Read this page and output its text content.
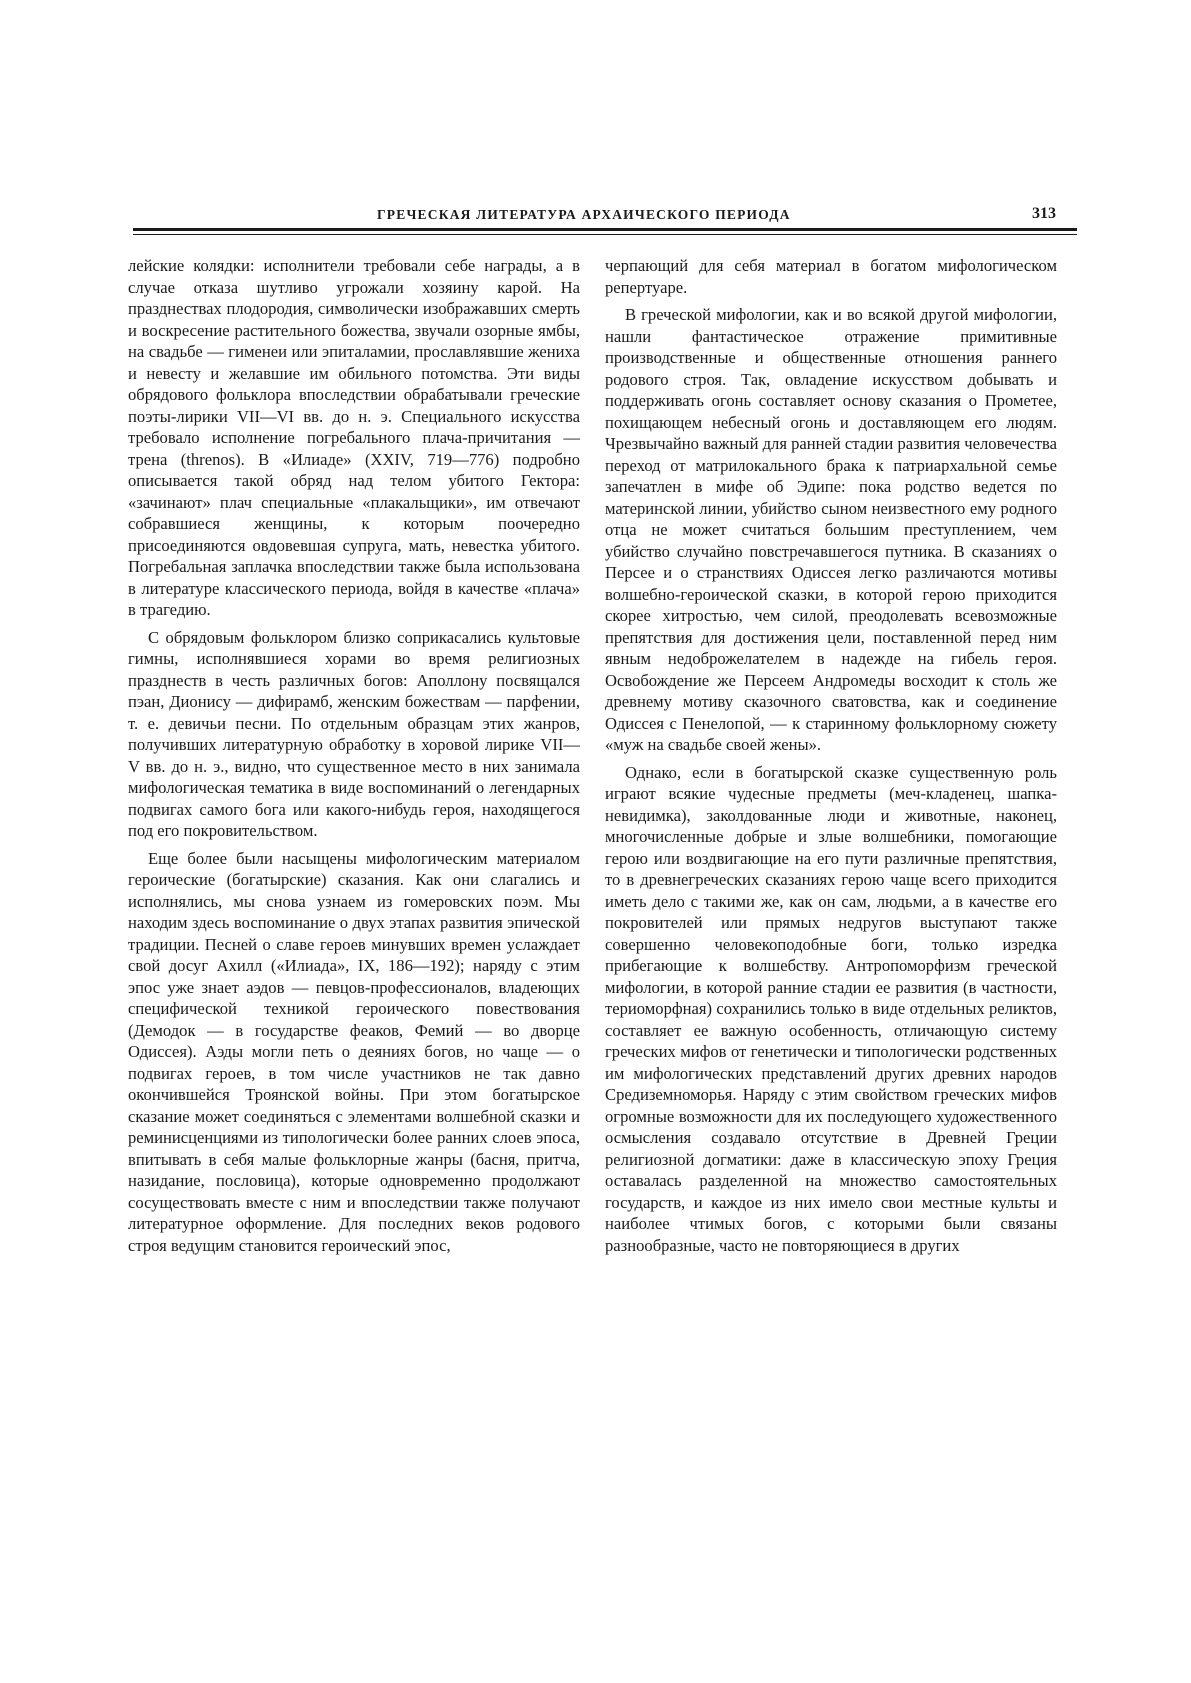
ГРЕЧЕСКАЯ ЛИТЕРАТУРА АРХАИЧЕСКОГО ПЕРИОДА	313

лейские колядки: исполнители требовали себе награды, а в случае отказа шутливо угрожали хозяину карой. На празднествах плодородия, символически изображавших смерть и воскресение растительного божества, звучали озорные ямбы, на свадьбе — гименеи или эпиталамии, прославлявшие жениха и невесту и желавшие им обильного потомства. Эти виды обрядового фольклора впоследствии обрабатывали греческие поэты-лирики VII—VI вв. до н. э. Специального искусства требовало исполнение погребального плача-причитания — трена (threnos). В «Илиаде» (XXIV, 719—776) подробно описывается такой обряд над телом убитого Гектора: «зачинают» плач специальные «плакальщики», им отвечают собравшиеся женщины, к которым поочередно присоединяются овдовевшая супруга, мать, невестка убитого. Погребальная заплачка впоследствии также была использована в литературе классического периода, войдя в качестве «плача» в трагедию.

С обрядовым фольклором близко соприкасались культовые гимны, исполнявшиеся хорами во время религиозных празднеств в честь различных богов: Аполлону посвящался пэан, Дионису — дифирамб, женским божествам — парфении, т. е. девичьи песни. По отдельным образцам этих жанров, получивших литературную обработку в хоровой лирике VII—V вв. до н. э., видно, что существенное место в них занимала мифологическая тематика в виде воспоминаний о легендарных подвигах самого бога или какого-нибудь героя, находящегося под его покровительством.

Еще более были насыщены мифологическим материалом героические (богатырские) сказания. Как они слагались и исполнялись, мы снова узнаем из гомеровских поэм. Мы находим здесь воспоминание о двух этапах развития эпической традиции. Песней о славе героев минувших времен услаждает свой досуг Ахилл («Илиада», IX, 186—192); наряду с этим эпос уже знает аэдов — певцов-профессионалов, владеющих специфической техникой героического повествования (Демодок — в государстве феаков, Фемий — во дворце Одиссея). Аэды могли петь о деяниях богов, но чаще — о подвигах героев, в том числе участников не так давно окончившейся Троянской войны. При этом богатырское сказание может соединяться с элементами волшебной сказки и реминисценциями из типологически более ранних слоев эпоса, впитывать в себя малые фольклорные жанры (басня, притча, назидание, пословица), которые одновременно продолжают сосуществовать вместе с ним и впоследствии также получают литературное оформление. Для последних веков родового строя ведущим становится героический эпос,

черпающий для себя материал в богатом мифологическом репертуаре.

В греческой мифологии, как и во всякой другой мифологии, нашли фантастическое отражение примитивные производственные и общественные отношения раннего родового строя. Так, овладение искусством добывать и поддерживать огонь составляет основу сказания о Прометее, похищающем небесный огонь и доставляющем его людям. Чрезвычайно важный для ранней стадии развития человечества переход от матрилокального брака к патриархальной семье запечатлен в мифе об Эдипе: пока родство ведется по материнской линии, убийство сыном неизвестного ему родного отца не может считаться большим преступлением, чем убийство случайно повстречавшегося путника. В сказаниях о Персее и о странствиях Одиссея легко различаются мотивы волшебно-героической сказки, в которой герою приходится скорее хитростью, чем силой, преодолевать всевозможные препятствия для достижения цели, поставленной перед ним явным недоброжелателем в надежде на гибель героя. Освобождение же Персеем Андромеды восходит к столь же древнему мотиву сказочного сватовства, как и соединение Одиссея с Пенелопой, — к старинному фольклорному сюжету «муж на свадьбе своей жены».

Однако, если в богатырской сказке существенную роль играют всякие чудесные предметы (меч-кладенец, шапка-невидимка), заколдованные люди и животные, наконец, многочисленные добрые и злые волшебники, помогающие герою или воздвигающие на его пути различные препятствия, то в древнегреческих сказаниях герою чаще всего приходится иметь дело с такими же, как он сам, людьми, а в качестве его покровителей или прямых недругов выступают также совершенно человекоподобные боги, только изредка прибегающие к волшебству. Антропоморфизм греческой мифологии, в которой ранние стадии ее развития (в частности, териоморфная) сохранились только в виде отдельных реликтов, составляет ее важную особенность, отличающую систему греческих мифов от генетически и типологически родственных им мифологических представлений других древних народов Средиземноморья. Наряду с этим свойством греческих мифов огромные возможности для их последующего художественного осмысления создавало отсутствие в Древней Греции религиозной догматики: даже в классическую эпоху Греция оставалась разделенной на множество самостоятельных государств, и каждое из них имело свои местные культы и наиболее чтимых богов, с которыми были связаны разнообразные, часто не повторяющиеся в других
